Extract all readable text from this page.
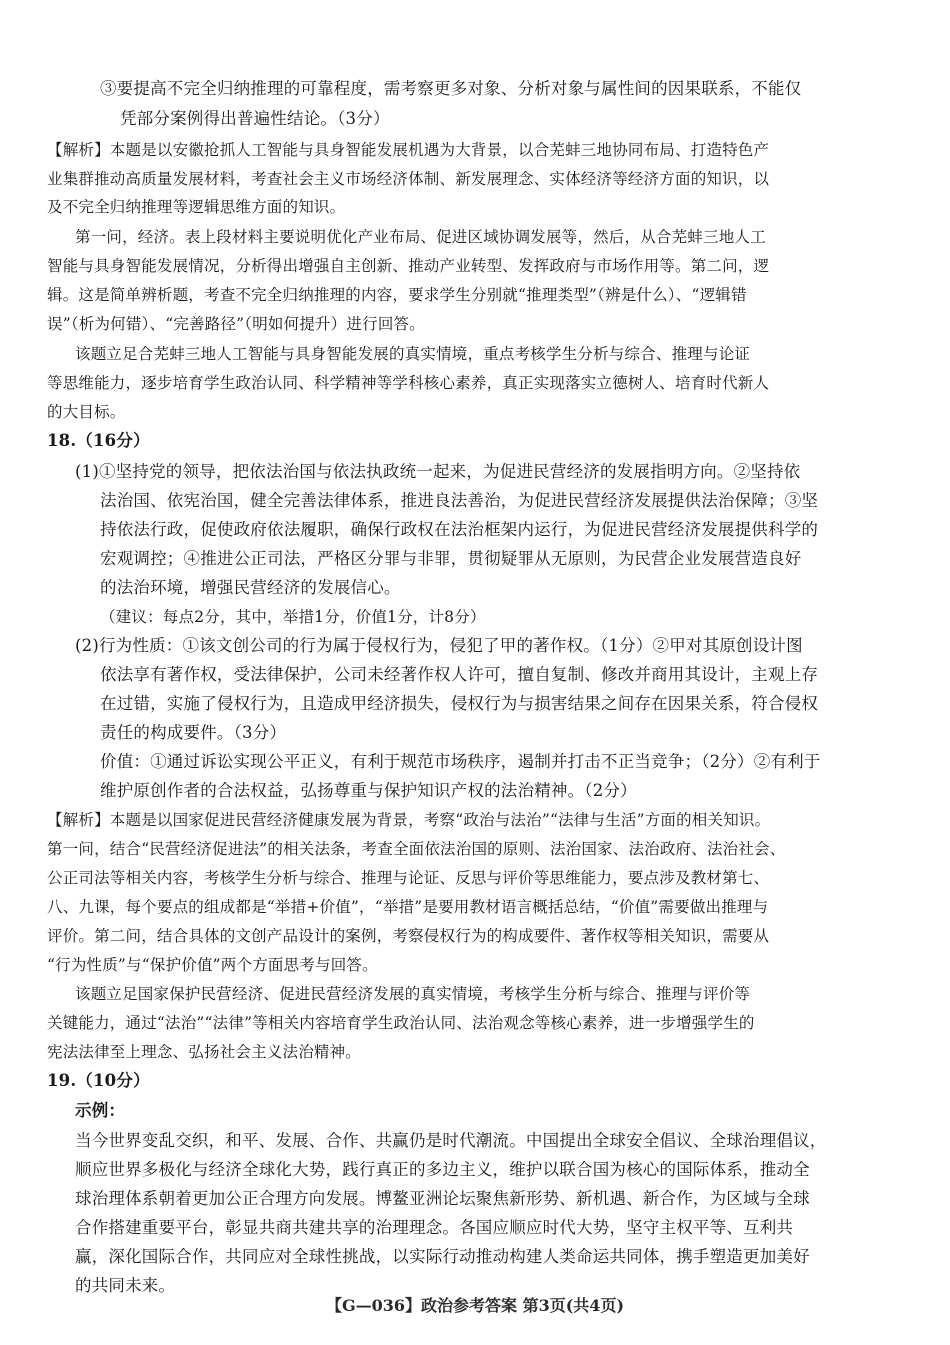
③要提高不完全归纳推理的可靠程度，需考察更多对象、分析对象与属性间的因果联系，不能仅
凭部分案例得出普遍性结论。（3分）
【解析】本题是以安徽抢抓人工智能与具身智能发展机遇为大背景，以合芜蚌三地协同布局、打造特色产
业集群推动高质量发展材料，考查社会主义市场经济体制、新发展理念、实体经济等经济方面的知识，以
及不完全归纳推理等逻辑思维方面的知识。
第一问，经济。表上段材料主要说明优化产业布局、促进区域协调发展等，然后，从合芜蚌三地人工
智能与具身智能发展情况，分析得出增强自主创新、推动产业转型、发挥政府与市场作用等。第二问，逻
辑。这是简单辨析题，考查不完全归纳推理的内容，要求学生分别就“推理类型”（辨是什么）、“逻辑错
误”（析为何错）、“完善路径”（明如何提升）进行回答。
该题立足合芜蚌三地人工智能与具身智能发展的真实情境，重点考核学生分析与综合、推理与论证
等思维能力，逐步培育学生政治认同、科学精神等学科核心素养，真正实现落实立德树人、培育时代新人
的大目标。
18.（16分）
(1)①坚持党的领导，把依法治国与依法执政统一起来，为促进民营经济的发展指明方向。②坚持依
法治国、依宪治国，健全完善法律体系，推进良法善治，为促进民营经济发展提供法治保障；③坚
持依法行政，促使政府依法履职，确保行政权在法治框架内运行，为促进民营经济发展提供科学的
宏观调控；④推进公正司法，严格区分罪与非罪，贯彻疑罪从无原则，为民营企业发展营造良好
的法治环境，增强民营经济的发展信心。
（建议：每点2分，其中，举措1分，价值1分，计8分）
(2)行为性质：①该文创公司的行为属于侵权行为，侵犯了甲的著作权。（1分）②甲对其原创设计图
依法享有著作权，受法律保护，公司未经著作权人许可，擅自复制、修改并商用其设计，主观上存
在过错，实施了侵权行为，且造成甲经济损失，侵权行为与损害结果之间存在因果关系，符合侵权
责任的构成要件。（3分）
价值：①通过诉讼实现公平正义，有利于规范市场秩序，遏制并打击不正当竞争；（2分）②有利于
维护原创作者的合法权益，弘扬尊重与保护知识产权的法治精神。（2分）
【解析】本题是以国家促进民营经济健康发展为背景，考察“政治与法治”“法律与生活”方面的相关知识。
第一问，结合“民营经济促进法”的相关法条，考查全面依法治国的原则、法治国家、法治政府、法治社会、
公正司法等相关内容，考核学生分析与综合、推理与论证、反思与评价等思维能力，要点涉及教材第七、
八、九课，每个要点的组成都是“举措+价值”，“举措”是要用教材语言概括总结，“价值”需要做出推理与
评价。第二问，结合具体的文创产品设计的案例，考察侵权行为的构成要件、著作权等相关知识，需要从
“行为性质”与“保护价值”两个方面思考与回答。
该题立足国家保护民营经济、促进民营经济发展的真实情境，考核学生分析与综合、推理与评价等
关键能力，通过“法治”“法律”等相关内容培育学生政治认同、法治观念等核心素养，进一步增强学生的
宪法法律至上理念、弘扬社会主义法治精神。
19.（10分）
示例：
当今世界变乱交织，和平、发展、合作、共赢仍是时代潮流。中国提出全球安全倡议、全球治理倡议，
顺应世界多极化与经济全球化大势，践行真正的多边主义，维护以联合国为核心的国际体系，推动全
球治理体系朝着更加公正合理方向发展。博鳌亚洲论坛聚焦新形势、新机遇、新合作，为区域与全球
合作搭建重要平台，彰显共商共建共享的治理理念。各国应顺应时代大势，坚守主权平等、互利共
赢，深化国际合作，共同应对全球性挑战，以实际行动推动构建人类命运共同体，携手塑造更加美好
的共同未来。
【G—036】政治参考答案 第3页(共4页)
